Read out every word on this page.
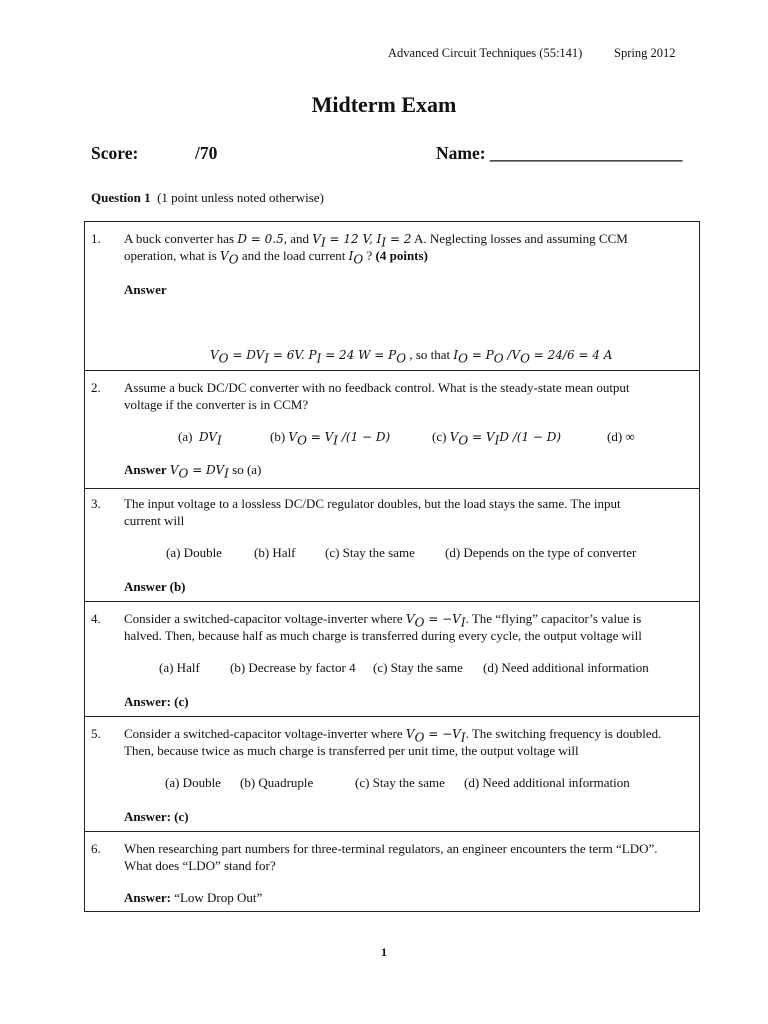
Advanced Circuit Techniques (55:141)	Spring 2012
Midterm Exam
Score:	/70	Name: ______________________
Question 1 (1 point unless noted otherwise)
1. A buck converter has D = 0.5, and $V_I = 12$ V, $I_I = 2$ A. Neglecting losses and assuming CCM
operation, what is $V_O$ and the load current $I_O$ ? (4 points)
Answer
$V_O = DV_I = 6V$. $P_I = 24$ $W = P_O$ , so that $I_O = P_O$ $/V_O = 24/6 = 4$ A
2. Assume a buck DC/DC converter with no feedback control. What is the steady-state mean output
voltage if the converter is in CCM?
(a) $DV_I$	(b) $V_O = V_I$ /(1 − D)	(c) $V_O = V_ID$ /(1 − D)	(d) ∞
Answer $V_O = DV_I$ so (a)
3. The input voltage to a lossless DC/DC regulator doubles, but the load stays the same. The input
current will
(a) Double (b) Half (c) Stay the same (d) Depends on the type of converter
Answer (b)
4. Consider a switched-capacitor voltage-inverter where $V_O = -V_I$. The “flying” capacitor’s value is
halved. Then, because half as much charge is transferred during every cycle, the output voltage will
(a) Half (b) Decrease by factor 4 (c) Stay the same (d) Need additional information
Answer: (c)
5. Consider a switched-capacitor voltage-inverter where $V_O = -V_I$. The switching frequency is doubled.
Then, because twice as much charge is transferred per unit time, the output voltage will
(a) Double (b) Quadruple	(c) Stay the same (d) Need additional information
Answer: (c)
6. When researching part numbers for three-terminal regulators, an engineer encounters the term “LDO”.
What does “LDO” stand for?
Answer: “Low Drop Out”
1
